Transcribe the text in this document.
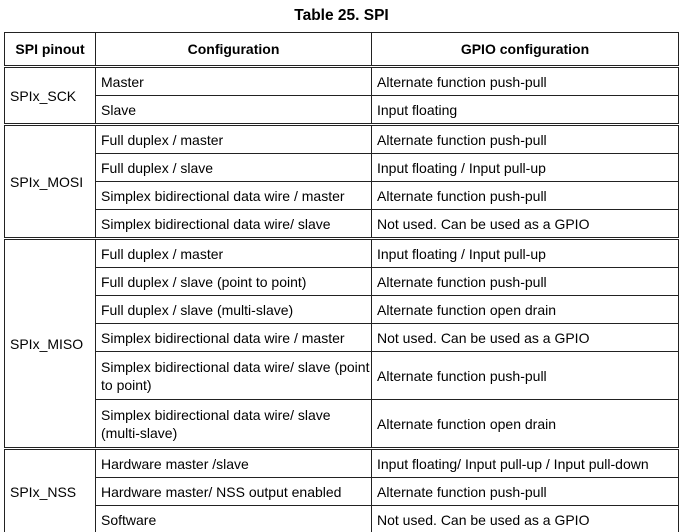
Table 25. SPI
SPI pinout	Configuration	GPIO configuration
SPIx_SCK	Master	Alternate function push-pull
	Slave	Input floating
SPIx_MOSI	Full duplex / master	Alternate function push-pull
	Full duplex / slave	Input floating / Input pull-up
	Simplex bidirectional data wire / master	Alternate function push-pull
	Simplex bidirectional data wire/ slave	Not used. Can be used as a GPIO
SPIx_MISO	Full duplex / master	Input floating / Input pull-up
	Full duplex / slave (point to point)	Alternate function push-pull
	Full duplex / slave (multi-slave)	Alternate function open drain
	Simplex bidirectional data wire / master	Not used. Can be used as a GPIO
	Simplex bidirectional data wire/ slave (point to point)	Alternate function push-pull
	Simplex bidirectional data wire/ slave (multi-slave)	Alternate function open drain
SPIx_NSS	Hardware master /slave	Input floating/ Input pull-up / Input pull-down
	Hardware master/ NSS output enabled	Alternate function push-pull
	Software	Not used. Can be used as a GPIO
